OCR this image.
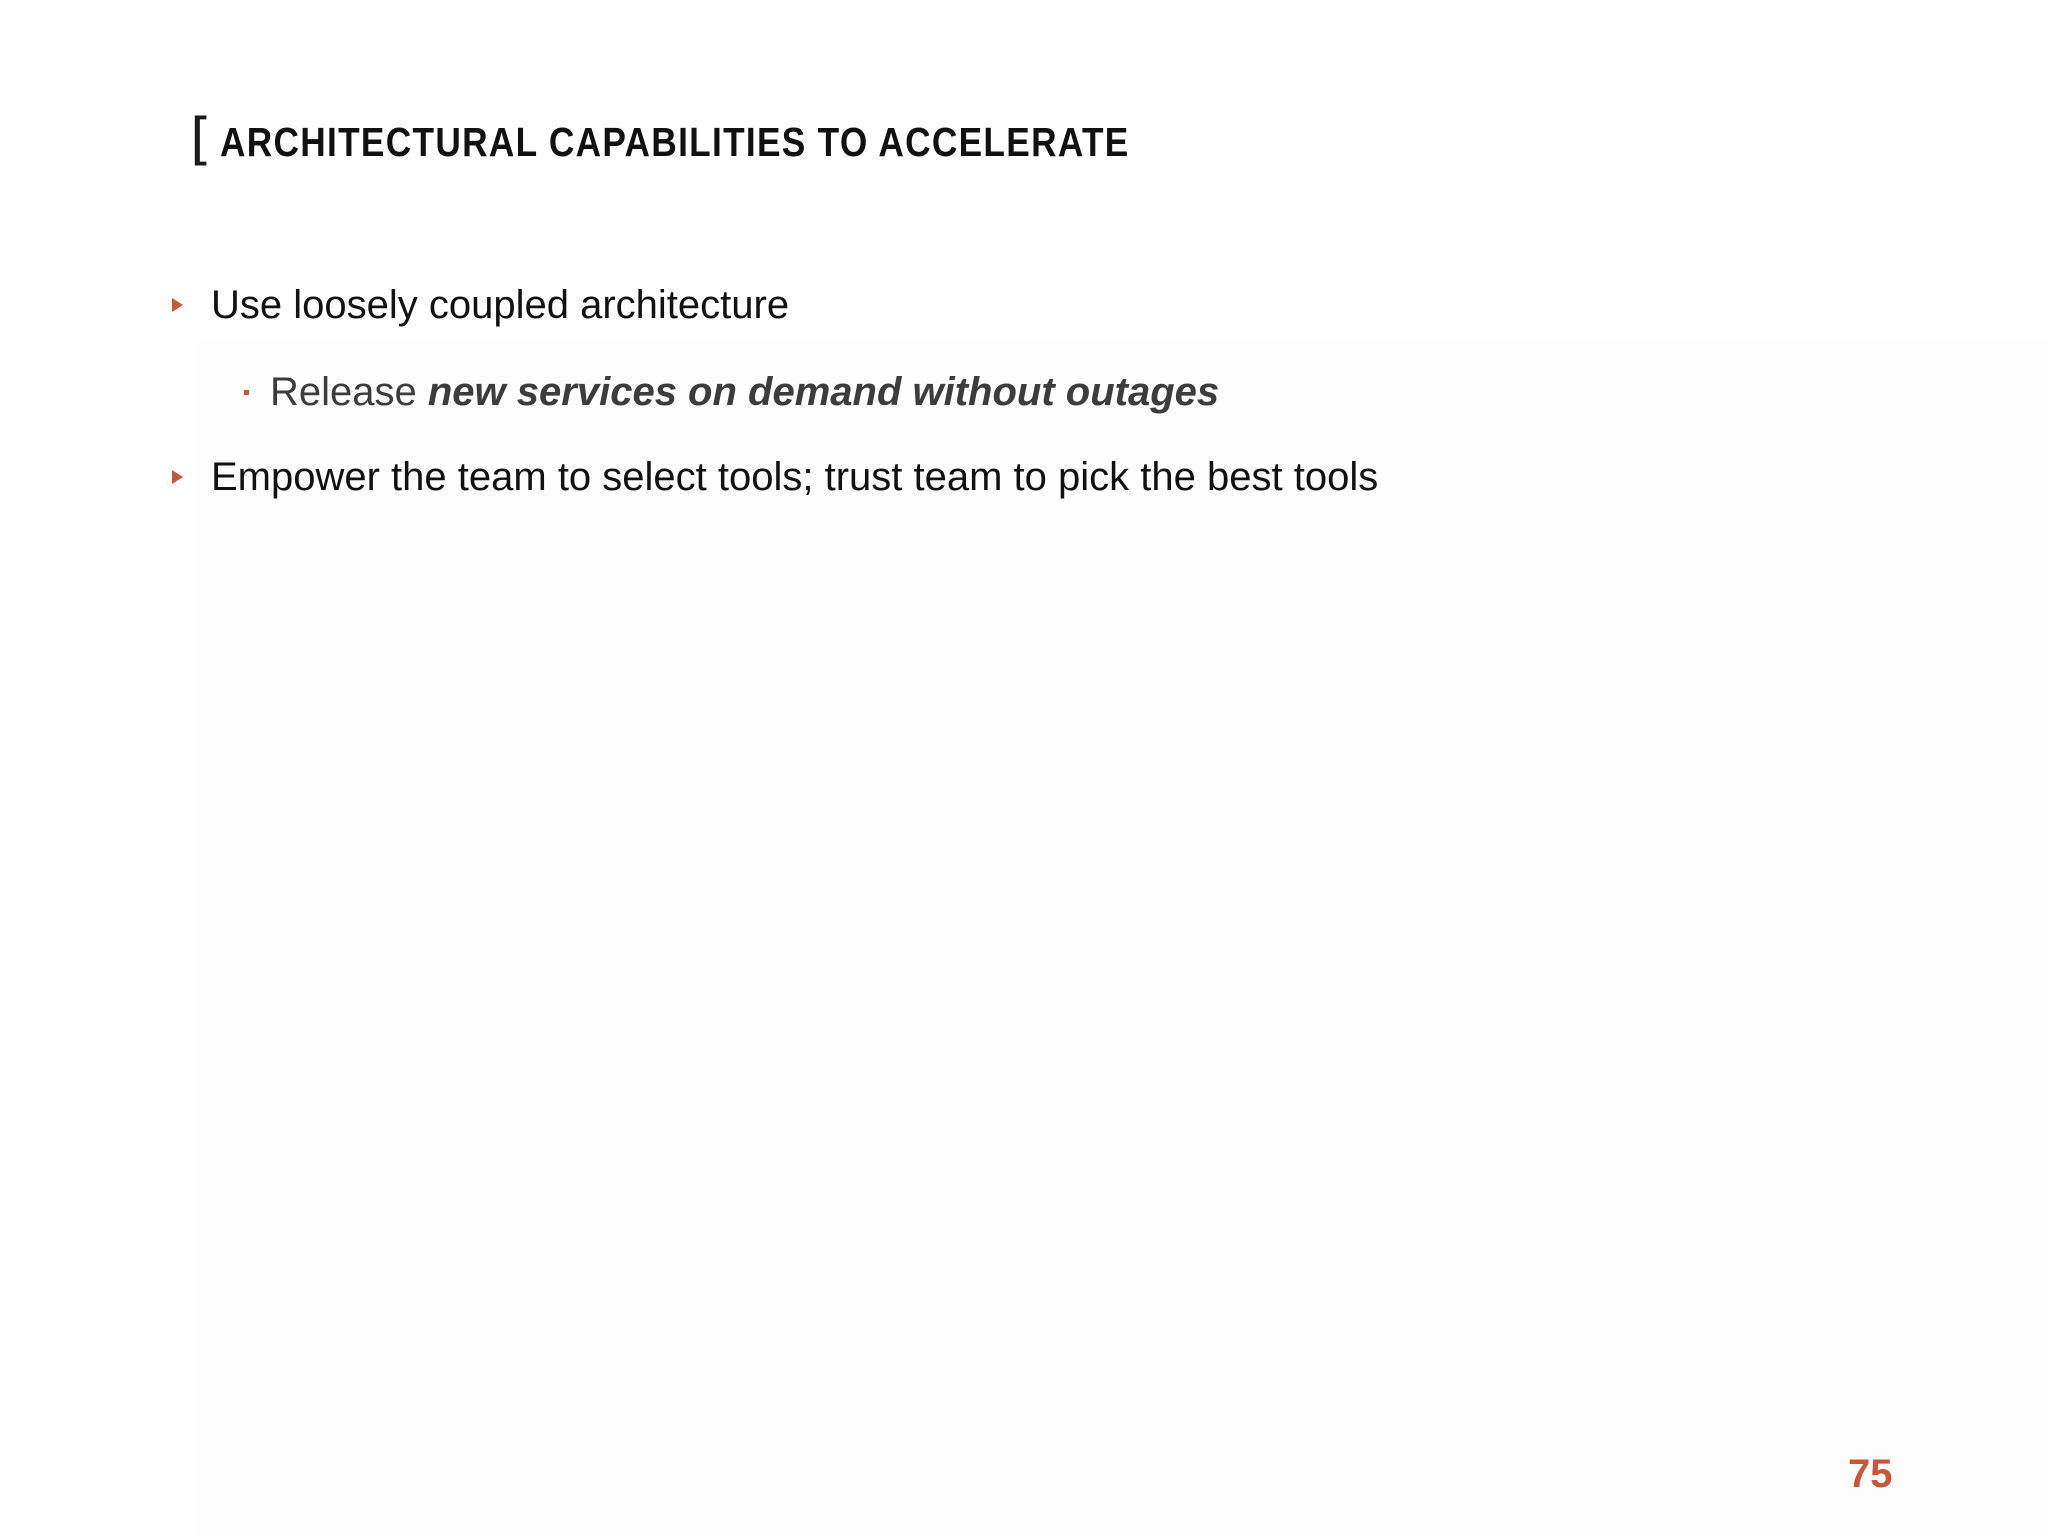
[ ARCHITECTURAL CAPABILITIES TO ACCELERATE
Use loosely coupled architecture
Release new services on demand without outages
Empower the team to select tools; trust team to pick the best tools
75
